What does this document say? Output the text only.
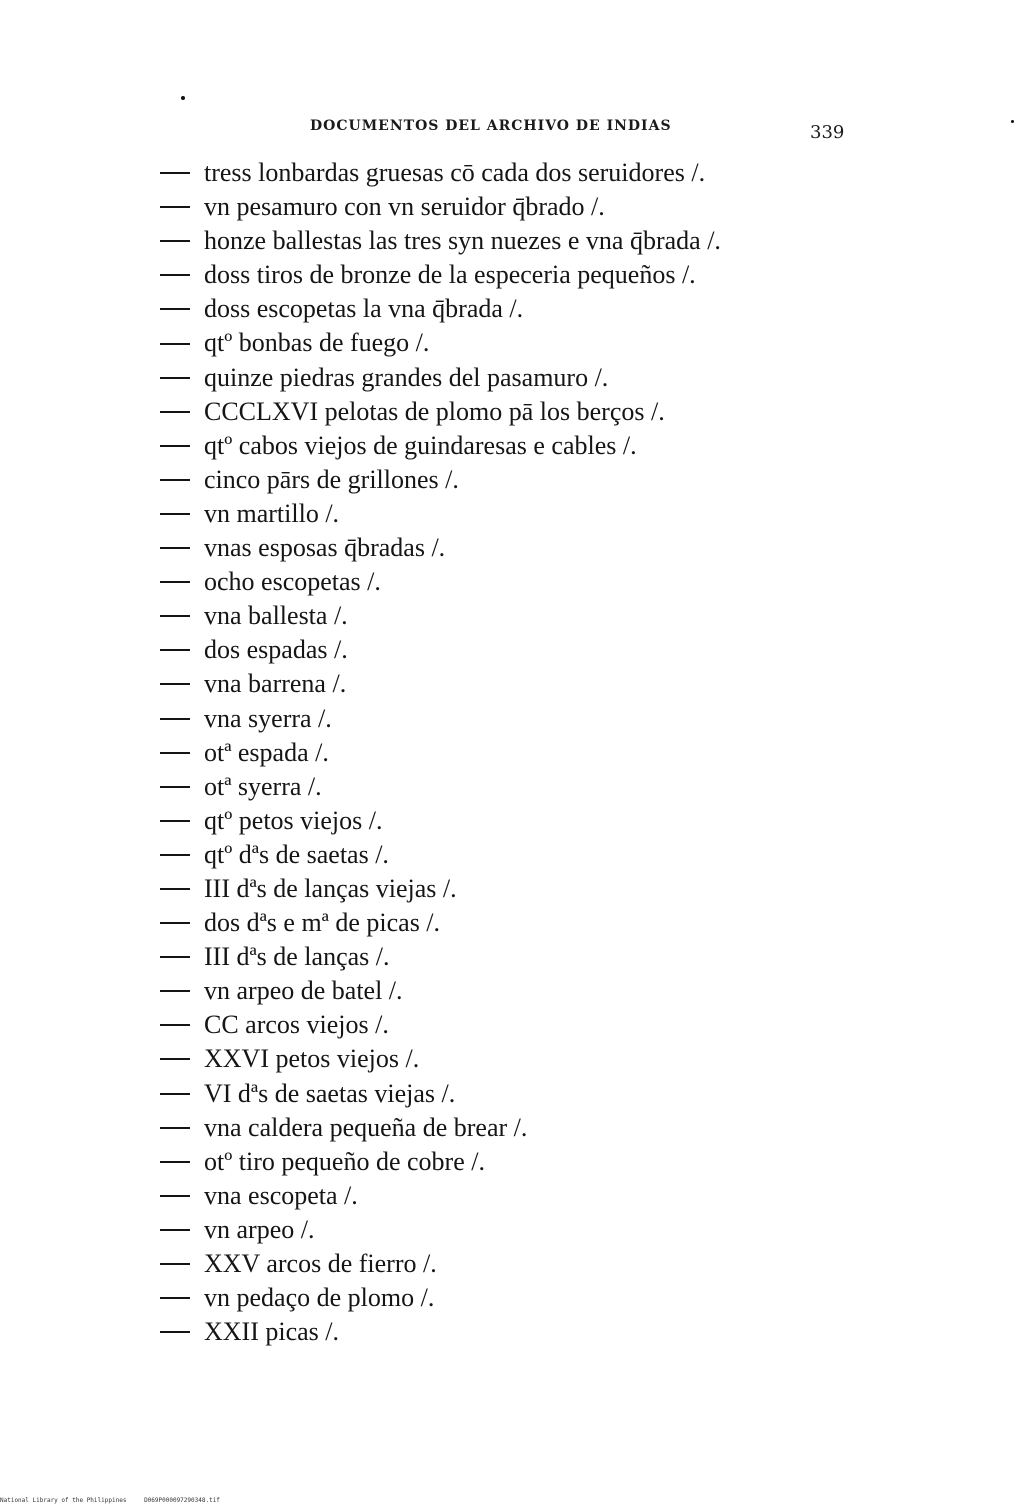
DOCUMENTOS DEL ARCHIVO DE INDIAS	339
tress lonbardas gruesas cō cada dos seruidores /.
vn pesamuro con vn seruidor q̄brado /.
honze ballestas las tres syn nuezes e vna q̄brada /.
doss tiros de bronze de la especeria pequeños /.
doss escopetas la vna q̄brada /.
qtº bonbas de fuego /.
quinze piedras grandes del pasamuro /.
CCCLXVI pelotas de plomo pā los berços /.
qtº cabos viejos de guindaresas e cables /.
cinco pārs de grillones /.
vn martillo /.
vnas esposas q̄bradas /.
ocho escopetas /.
vna ballesta /.
dos espadas /.
vna barrena /.
vna syerra /.
otª espada /.
otª syerra /.
qtº petos viejos /.
qtº dªs de saetas /.
III dªs de lanças viejas /.
dos dªs e mª de picas /.
III dªs de lanças /.
vn arpeo de batel /.
CC arcos viejos /.
XXVI petos viejos /.
VI dªs de saetas viejas /.
vna caldera pequeña de brear /.
otº tiro pequeño de cobre /.
vna escopeta /.
vn arpeo /.
XXV arcos de fierro /.
vn pedaço de plomo /.
XXII picas /.
National Library of the Philippines	D069P000097290348.tif
